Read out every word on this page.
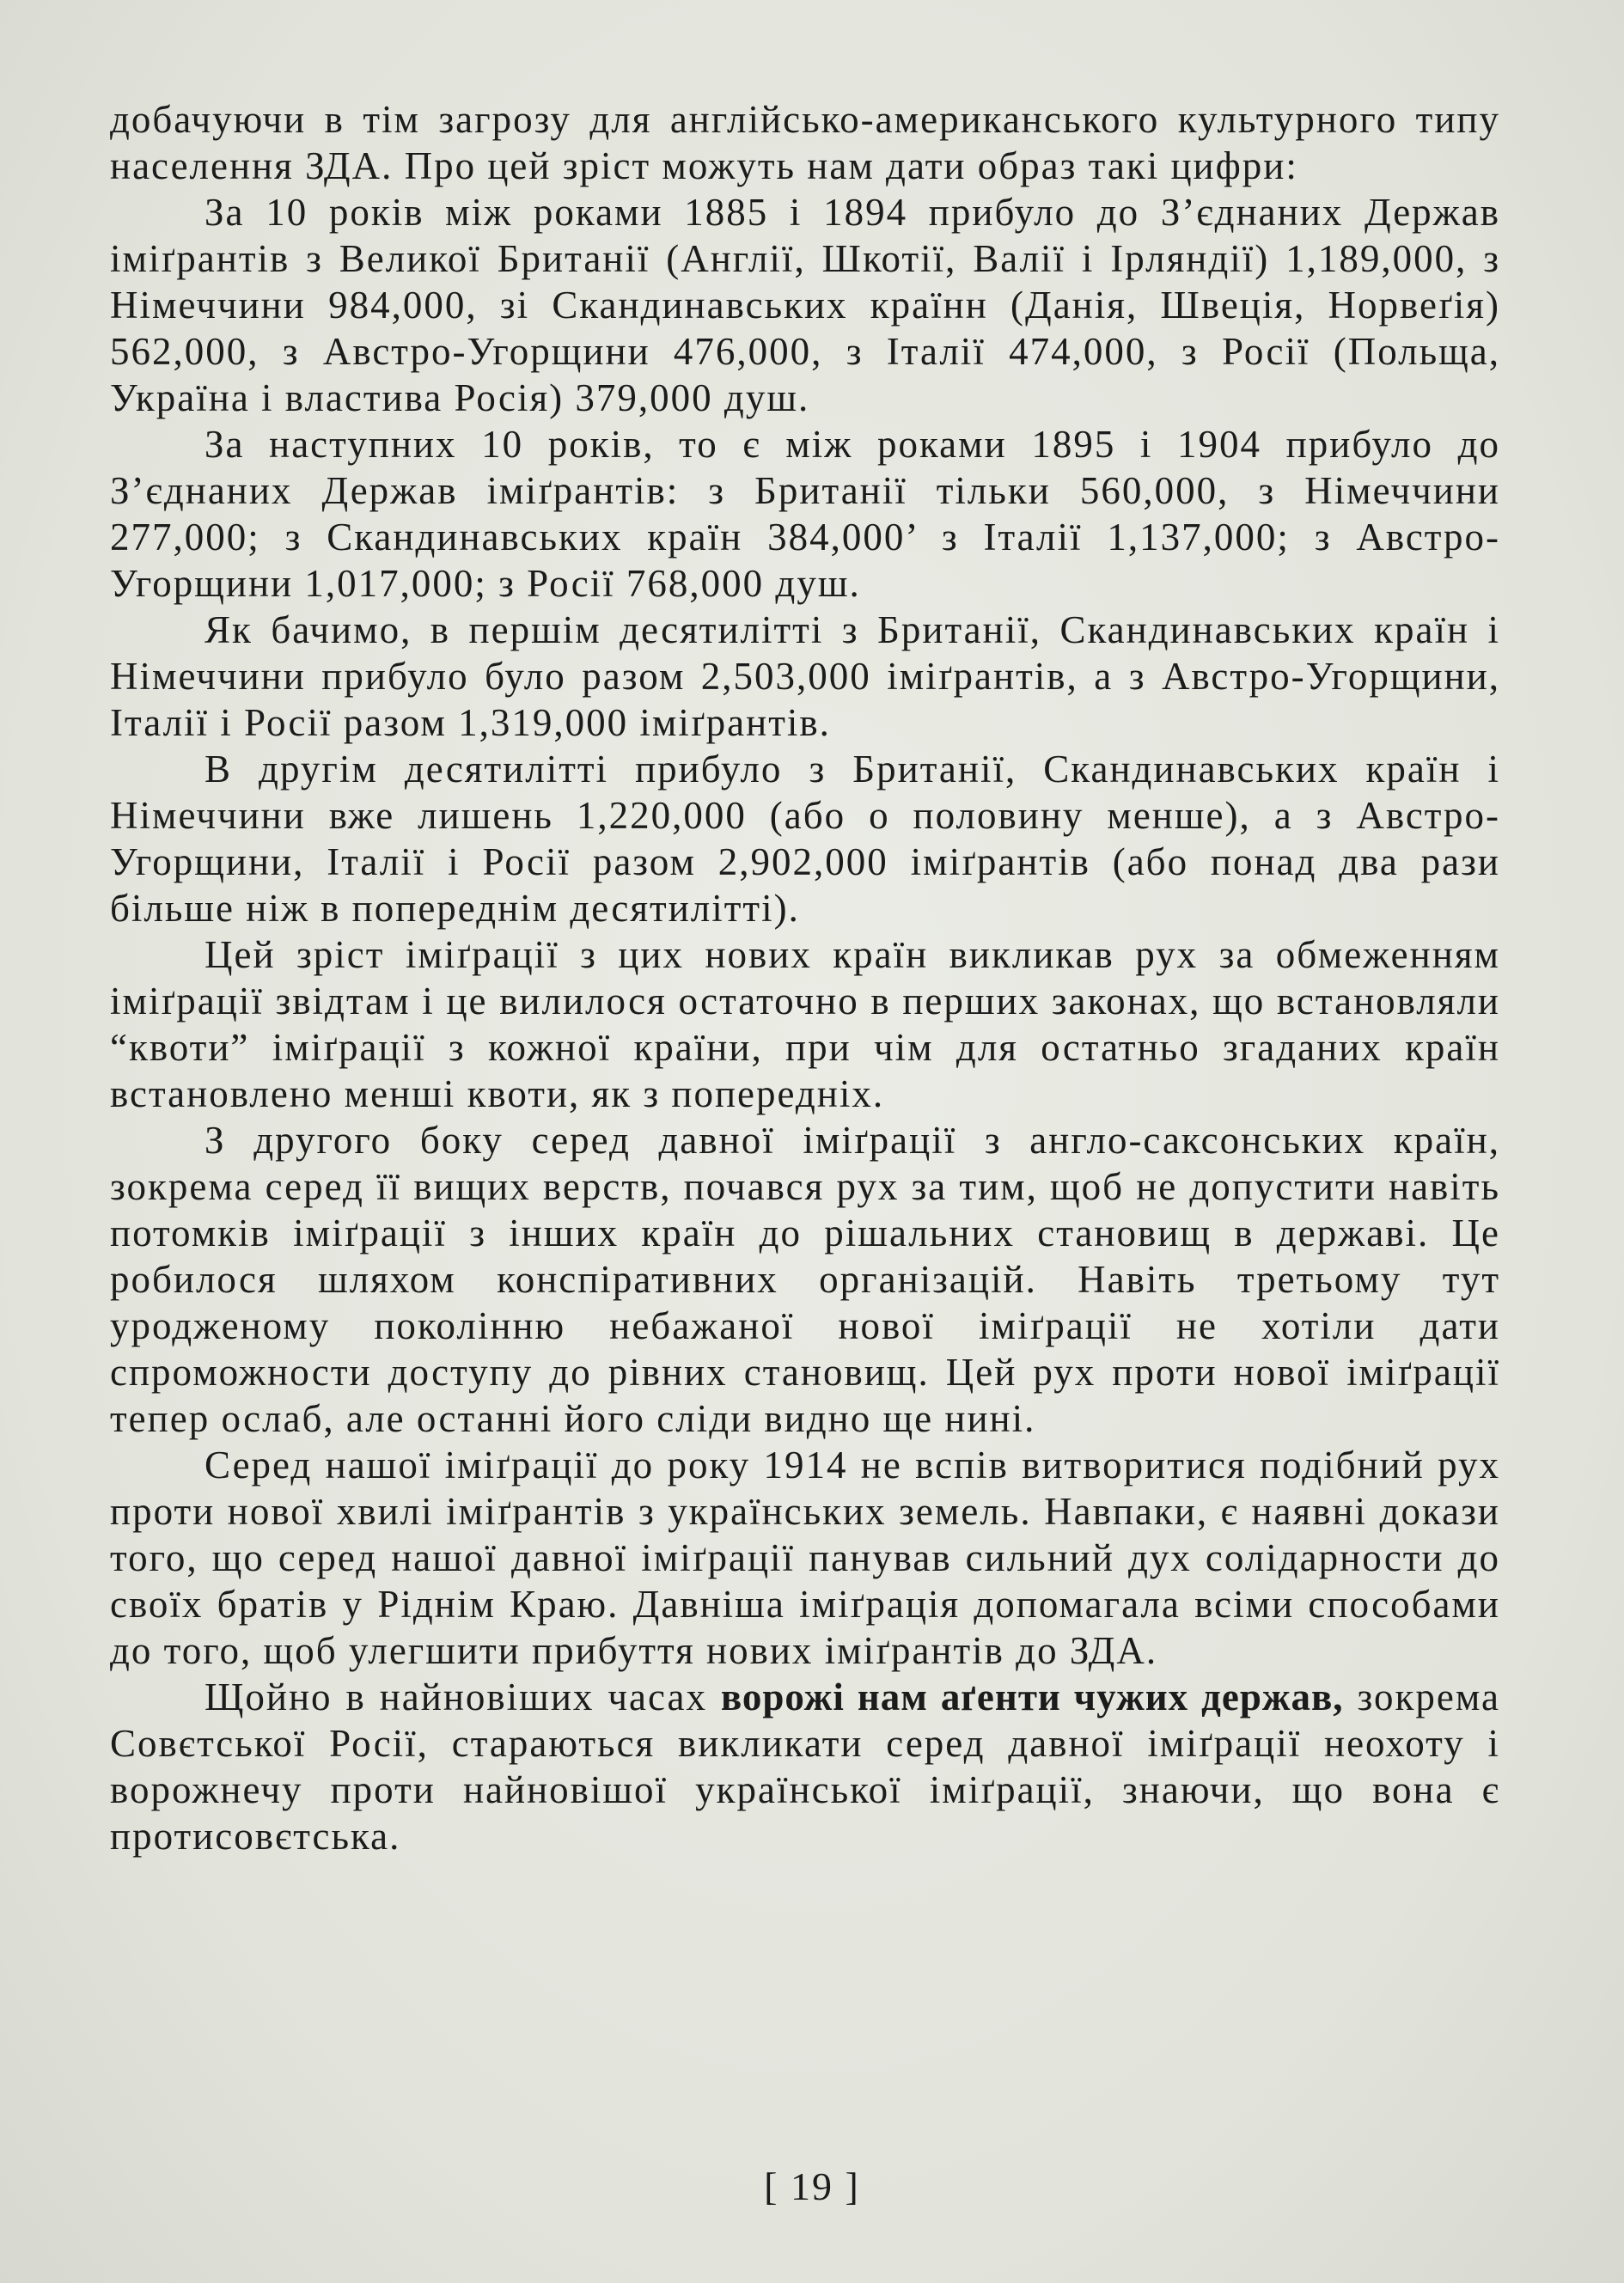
добачуючи в тім загрозу для англійсько-американського культурного типу населення ЗДА. Про цей зріст можуть нам дати образ такі цифри:

За 10 років між роками 1885 і 1894 прибуло до З’єднаних Держав іміґрантів з Великої Британії (Англії, Шкотії, Валії і Ірляндії) 1,189,000, з Німеччини 984,000, зі Скандинавських країнн (Данія, Швеція, Норвеґія) 562,000, з Австро-Угорщини 476,000, з Італії 474,000, з Росії (Польща, Україна і властива Росія) 379,000 душ.

За наступних 10 років, то є між роками 1895 і 1904 прибуло до З’єднаних Держав іміґрантів: з Британії тільки 560,000, з Німеччини 277,000; з Скандинавських країн 384,000’ з Італії 1,137,000; з Австро-Угорщини 1,017,000; з Росії 768,000 душ.

Як бачимо, в першім десятилітті з Британії, Скандинавських країн і Німеччини прибуло було разом 2,503,000 іміґрантів, а з Австро-Угорщини, Італії і Росії разом 1,319,000 іміґрантів.

В другім десятилітті прибуло з Британії, Скандинавських країн і Німеччини вже лишень 1,220,000 (або о половину менше), а з Австро-Угорщини, Італії і Росії разом 2,902,000 іміґрантів (або понад два рази більше ніж в попереднім десятилітті).

Цей зріст іміґрації з цих нових країн викликав рух за обмеженням іміґрації звідтам і це вилилося остаточно в перших законах, що встановляли “квоти” іміґрації з кожної країни, при чім для остатньо згаданих країн встановлено менші квоти, як з попередніх.

З другого боку серед давної іміґрації з англо-саксонських країн, зокрема серед її вищих верств, почався рух за тим, щоб не допустити навіть потомків іміґрації з інших країн до рішальних становищ в державі. Це робилося шляхом конспіративних організацій. Навіть третьому тут уродженому поколінню небажаної нової іміґрації не хотіли дати спроможности доступу до рівних становищ. Цей рух проти нової іміґрації тепер ослаб, але останні його сліди видно ще нині.

Серед нашої іміґрації до року 1914 не вспів витворитися подібний рух проти нової хвилі іміґрантів з українських земель. Навпаки, є наявні докази того, що серед нашої давної іміґрації панував сильний дух солідарности до своїх братів у Ріднім Краю. Давніша іміґрація допомагала всіми способами до того, щоб улегшити прибуття нових іміґрантів до ЗДА.

Щойно в найновіших часах ворожі нам аґенти чужих держав, зокрема Совєтської Росії, стараються викликати серед давної іміґрації неохоту і ворожнечу проти найновішої української іміґрації, знаючи, що вона є протисовєтська.

[ 19 ]
